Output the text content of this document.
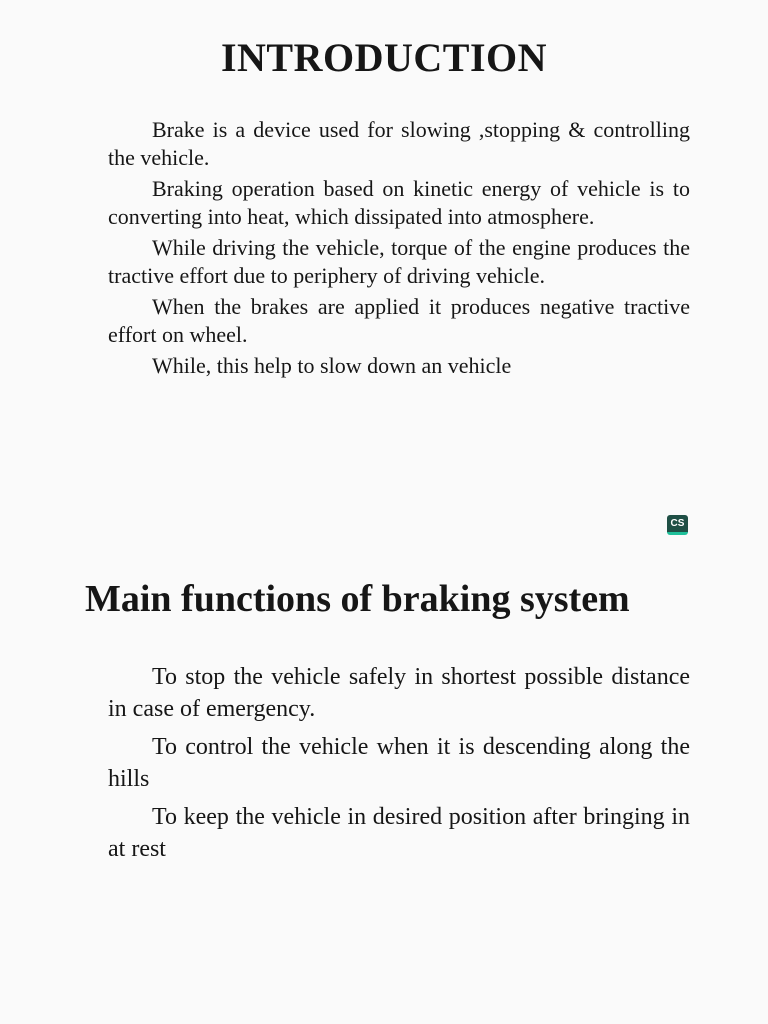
INTRODUCTION

Brake is a device used for slowing ,stopping & controlling the vehicle.

Braking operation based on kinetic energy of vehicle is to converting into heat, which dissipated into atmosphere.

While driving the vehicle, torque of the engine produces the tractive effort due to periphery of driving vehicle.

When the brakes are applied it produces negative tractive effort on wheel.

While, this help to slow down an vehicle

CS
Main functions of braking system

To stop the vehicle safely in shortest possible distance in case of emergency.

To control the vehicle when it is descending along the hills

To keep the vehicle in desired position after bringing in at rest
